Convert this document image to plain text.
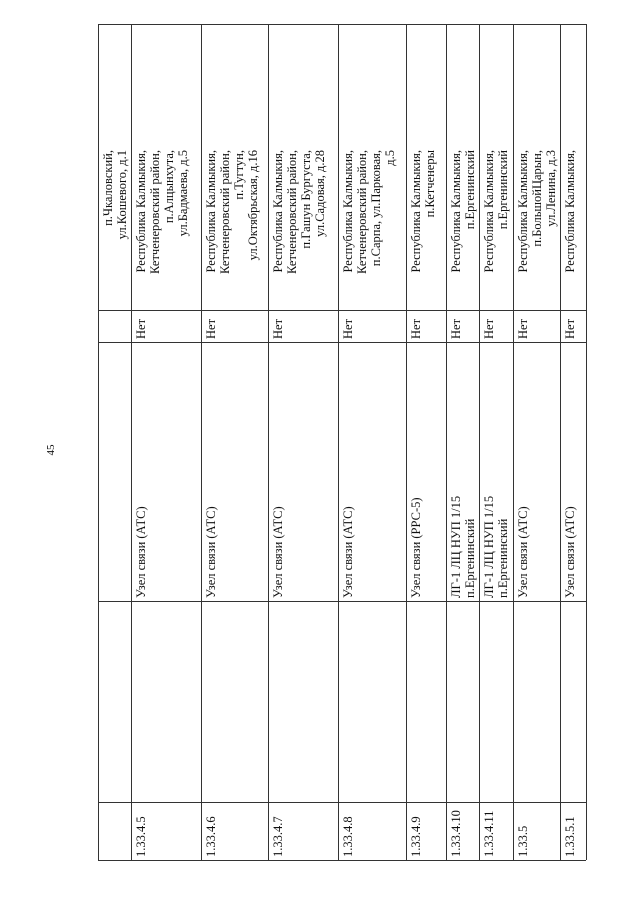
45
п.Чкаловский,
ул.Кошевого, д.1
1.33.4.5
Узел связи (АТС)
Нет
Республика Калмыкия,
Кетченеровский район,
п.Алцынхута,
ул.Бадмаева, д.5
1.33.4.6
Узел связи (АТС)
Нет
Республика Калмыкия,
Кетченеровский район,
п.Тугтун,
ул.Октябрьская, д.16
1.33.4.7
Узел связи (АТС)
Нет
Республика Калмыкия,
Кетченеровский район,
п.Гашун Бургуста,
ул.Садовая, д.28
1.33.4.8
Узел связи (АТС)
Нет
Республика Калмыкия,
Кетченеровский район,
п.Сарпа, ул.Парковая,
д.5
1.33.4.9
Узел связи (РРС-5)
Нет
Республика Калмыкия,
п.Кетченеры
1.33.4.10
ЛГ-1 ЛЦ НУП 1/15
п.Ергенинский
Нет
Республика Калмыкия,
п.Ергенинский
1.33.4.11
ЛГ-1 ЛЦ НУП 1/15
п.Ергенинский
Нет
Республика Калмыкия,
п.Ергенинский
1.33.5
Узел связи (АТС)
Нет
Республика Калмыкия,
п.БольшойЦарын,
ул.Ленина, д.3
1.33.5.1
Узел связи (АТС)
Нет
Республика Калмыкия,
